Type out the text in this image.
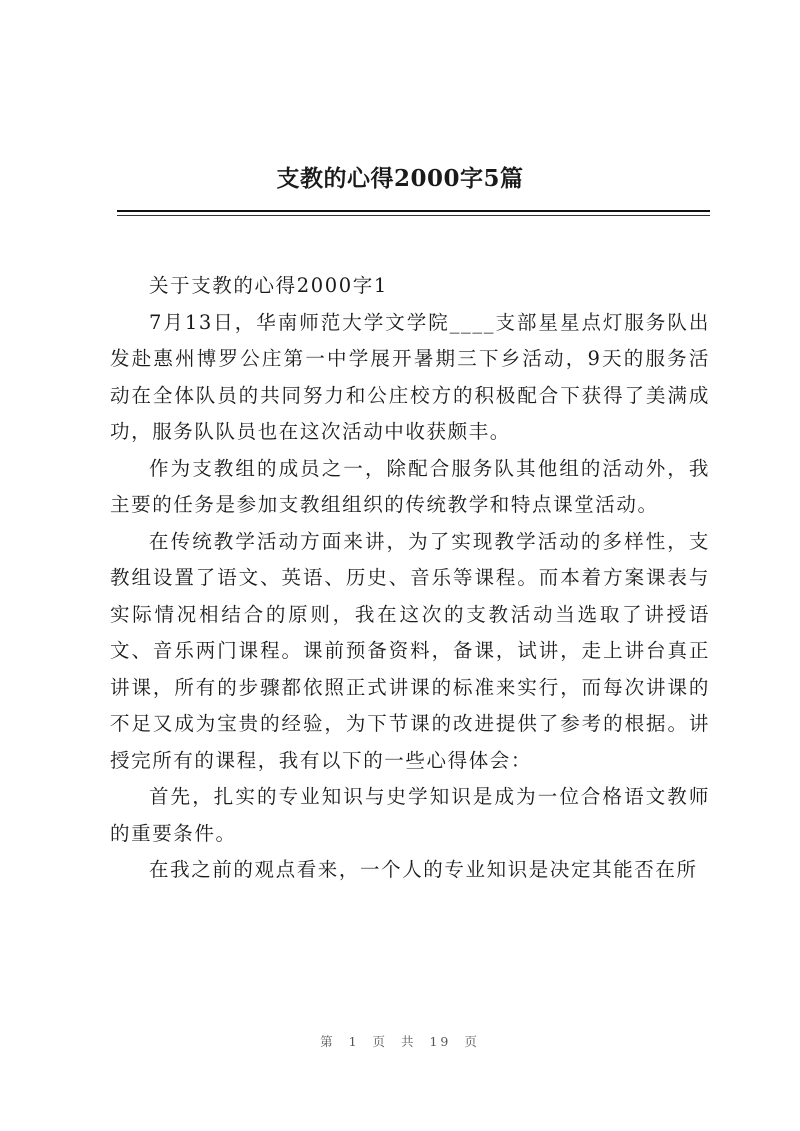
支教的心得2000字5篇

关于支教的心得2000字1

7月13日，华南师范大学文学院____支部星星点灯服务队出发赴惠州博罗公庄第一中学展开暑期三下乡活动，9天的服务活动在全体队员的共同努力和公庄校方的积极配合下获得了美满成功，服务队队员也在这次活动中收获颇丰。

作为支教组的成员之一，除配合服务队其他组的活动外，我主要的任务是参加支教组组织的传统教学和特点课堂活动。

在传统教学活动方面来讲，为了实现教学活动的多样性，支教组设置了语文、英语、历史、音乐等课程。而本着方案课表与实际情况相结合的原则，我在这次的支教活动当选取了讲授语文、音乐两门课程。课前预备资料，备课，试讲，走上讲台真正讲课，所有的步骤都依照正式讲课的标准来实行，而每次讲课的不足又成为宝贵的经验，为下节课的改进提供了参考的根据。讲授完所有的课程，我有以下的一些心得体会：

首先，扎实的专业知识与史学知识是成为一位合格语文教师的重要条件。

在我之前的观点看来，一个人的专业知识是决定其能否在所

第 1 页 共 19 页
